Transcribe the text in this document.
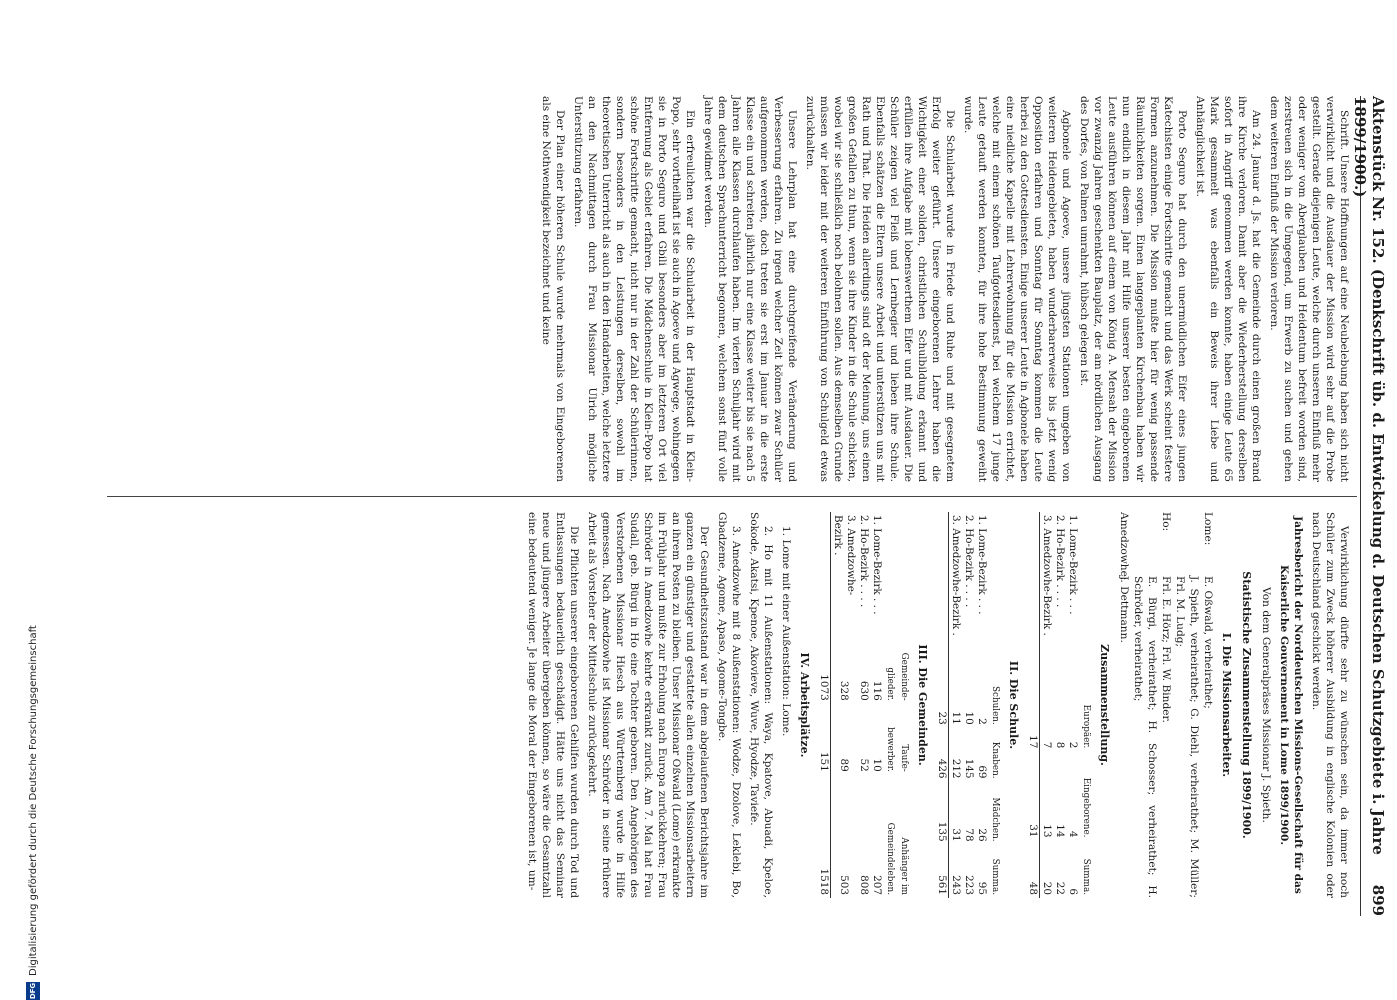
Aktenstück Nr. 152. (Denkschrift üb. d. Entwickelung d. Deutschen Schutzgebiete i. Jahre 1899/1900.)
899

Schrift. Unsere Hoffnungen auf eine Neubelebung haben sich nicht verwirklicht und die Ausdauer der Mission wird sehr auf die Probe gestellt. Gerade diejenigen Leute, welche durch unseren Einfluß mehr oder weniger vom Aberglauben und Heidentum befreit worden sind, zerstreuen sich in die Umgegend, um Erwerb zu suchen und gehen dem weiteren Einfluß der Mission verloren.

Am 24. Januar d. Js. hat die Gemeinde durch einen großen Brand ihre Kirche verloren. Damit aber die Wiederherstellung derselben sofort in Angriff genommen werden konnte, haben einige Leute 65 Mark gesammelt was ebenfalls ein Beweis ihrer Liebe und Anhänglichkeit ist.

Porto Seguro hat durch den unermüdlichen Eifer eines jungen Katechisten einige Fortschritte gemacht und das Werk scheint festere Formen anzunehmen. Die Mission mußte hier für wenig passende Räumlichkeiten sorgen. Einen langgeplanten Kirchenbau haben wir nun endlich in diesem Jahr mit Hilfe unserer besten eingeborenen Leute ausführen können auf einem von König A. Mensah der Mission vor zwanzig Jahren geschenkten Bauplatz, der am nördlichen Ausgang des Dorfes, von Palmen umrahmt, hübsch gelegen ist.

Agbonele und Agoeve, unsere jüngsten Stationen umgeben von weiteren Heidengebieten, haben wunderbarerweise bis jetzt wenig Opposition erfahren und Sonntag für Sonntag kommen die Leute herbei zu den Gottesdiensten. Einige unserer Leute in Agbonele haben eine niedliche Kapelle mit Lehrerwohnung für die Mission errichtet, welche mit einem schönen Taufgottesdienst, bei welchem 17 junge Leute getauft werden konnten, für ihre hohe Bestimmung geweiht wurde.

Die Schularbeit wurde in Friede und Ruhe und mit gesegnetem Erfolg weiter geführt. Unsere eingeborenen Lehrer haben die Wichtigkeit einer soliden, christlichen Schulbildung erkannt und erfüllen ihre Aufgabe mit lobenswerthem Eifer und mit Ausdauer. Die Schüler zeigen viel Fleiß und Lernbegier und lieben ihre Schule. Ebenfalls schätzen die Eltern unsere Arbeit und unterstützen uns mit Rath und That. Die Heiden allerdings sind oft der Meinung, uns einen großen Gefallen zu thun, wenn sie ihre Kinder in die Schule schicken, wobei wir sie schließlich noch belohnen sollen. Aus demselben Grunde müssen wir leider mit der weiteren Einführung von Schulgeld etwas zurückhalten.

Unsere Lehrplan hat eine durchgreifende Veränderung und Verbesserung erfahren. Zu irgend welcher Zeit können zwar Schüler aufgenommen werden, doch treten sie erst im Januar in die erste Klasse ein und schreiten jährlich nur eine Klasse weiter bis sie nach 5 Jahren alle Klassen durchlaufen haben. Im vierten Schuljahr wird mit dem deutschen Sprachunterricht begonnen, welchem sonst fünf volle Jahre gewidmet werden.

Ein erfreulichen war die Schularbeit in der Hauptstadt in Klein-Popo, sehr vortheilhaft ist sie auch in Agoeve und Agwege, wohingegen sie in Porto Seguro und Gbili besonders aber im letzteren Ort viel Entfernung als Gebiet erfahren. Die Mädchenschule in Klein-Popo hat schöne Fortschritte gemacht, nicht nur in der Zahl der Schülerinnen, sondern besonders in den Leistungen derselben, sowohl im theoretischen Unterricht als auch in den Handarbeiten, welche letztere an den Nachmittagen durch Frau Missionar Ulrich mögliche Unterstützung erfahren.

Der Plan einer höheren Schule wurde mehrmals von Eingeborenen als eine Nothwendigkeit bezeichnet und keine

Verwirklichung dürfte sehr zu wünschen sein, da immer noch Schüler zum Zweck höherer Ausbildung in englische Kolonien oder nach Deutschland geschickt werden.

Jahresbericht der Norddeutschen Missions-Gesellschaft für das Kaiserliche Gouvernement in Lome 1899/1900.

Von dem Generalpräses Missionar J. Spieth.

Statistische Zusammenstellung 1899/1900.
I. Die Missionsarbeiter.
Lome:
E. Oßwald, verheirathet;
J. Spieth, verheirathet; G. Diehl, verheirathet; M. Müller; Frl. M. Ludg;
Ho:
Frl. E. Hörz; Frl. W. Binder.
E. Bürgi, verheirathet; H. Schosser; verheirathet; H. Schröder, verheirathet;
Amedzowhe:
J. Dettmann.
Zusammenstellung.
	Europäer.	Eingeborene.	Summa.
1. Lome-Bezirk . . .	2	4	6
2. Ho-Bezirk . . . .	8	14	22
3. Amedzowhe-Bezirk .	7	13	20
	17	31	48
II. Die Schule.
	Schulen.	Knaben.	Mädchen.	Summa.
1. Lome-Bezirk . . .	2	69	26	95
2. Ho-Bezirk . . . .	10	145	78	223
3. Amedzowhe-Bezirk .	11	212	31	243
	23	426	135	561
III. Die Gemeinden.
	Gemeinde-glieder.	Taufe-bewerber.	Anhänger im Gemeindeleben.
1. Lome-Bezirk . . .	116	10	207
2. Ho-Bezirk . . . .	630	52	808
3. Amedzowhe-Bezirk .	328	89	503
	1073	151	1518
IV. Arbeitsplätze.

1. Lome mit einer Außenstation: Lome.

2. Ho mit 11 Außenstationen: Waya, Kpatove, Abuadi, Kpeloe, Sokode, Akatsi, Kpenoe, Akovieve, Wuve, Hyodze, Taviefe.

3. Amedzowhe mit 8 Außenstationen: Wodze, Dzolove, Leklebi, Bo, Gbadzeme, Agome, Apaso, Agome-Tongbe.

Der Gesundheitszustand war in dem abgelaufenen Berichtsjahre im ganzen ein günstiger und gestattete allen einzelnen Missionsarbeitern an ihrem Posten zu bleiben. Unser Missionar Oßwald (Lome) erkrankte im Frühjahr und mußte zur Erholung nach Europa zurückkehren; Frau Schröder in Amedzowhe kehrte erkrankt zurück. Am 7. Mai hat Frau Sudall, geb. Bürgi in Ho eine Tochter geboren. Den Angehörigen des Verstorbenen Missionar Hiesch aus Württemberg wurde in Hilfe gemessen. Nach Amedzowhe ist Missionar Schröder in seine frühere Arbeit als Vorsteher der Mittelschule zurückgekehrt.

Die Pflichten unserer eingeborenen Gehilfen wurden durch Tod und Entlassungen bedauerlich geschädigt. Hätte uns nicht das Seminar neue und jüngere Arbeiter übergeben können, so wäre die Gesamtzahl eine bedeutend weniger. Je lange die Moral der Eingeborenen ist, um-

DFG
Digitalisierung gefördert durch die Deutsche Forschungsgemeinschaft
